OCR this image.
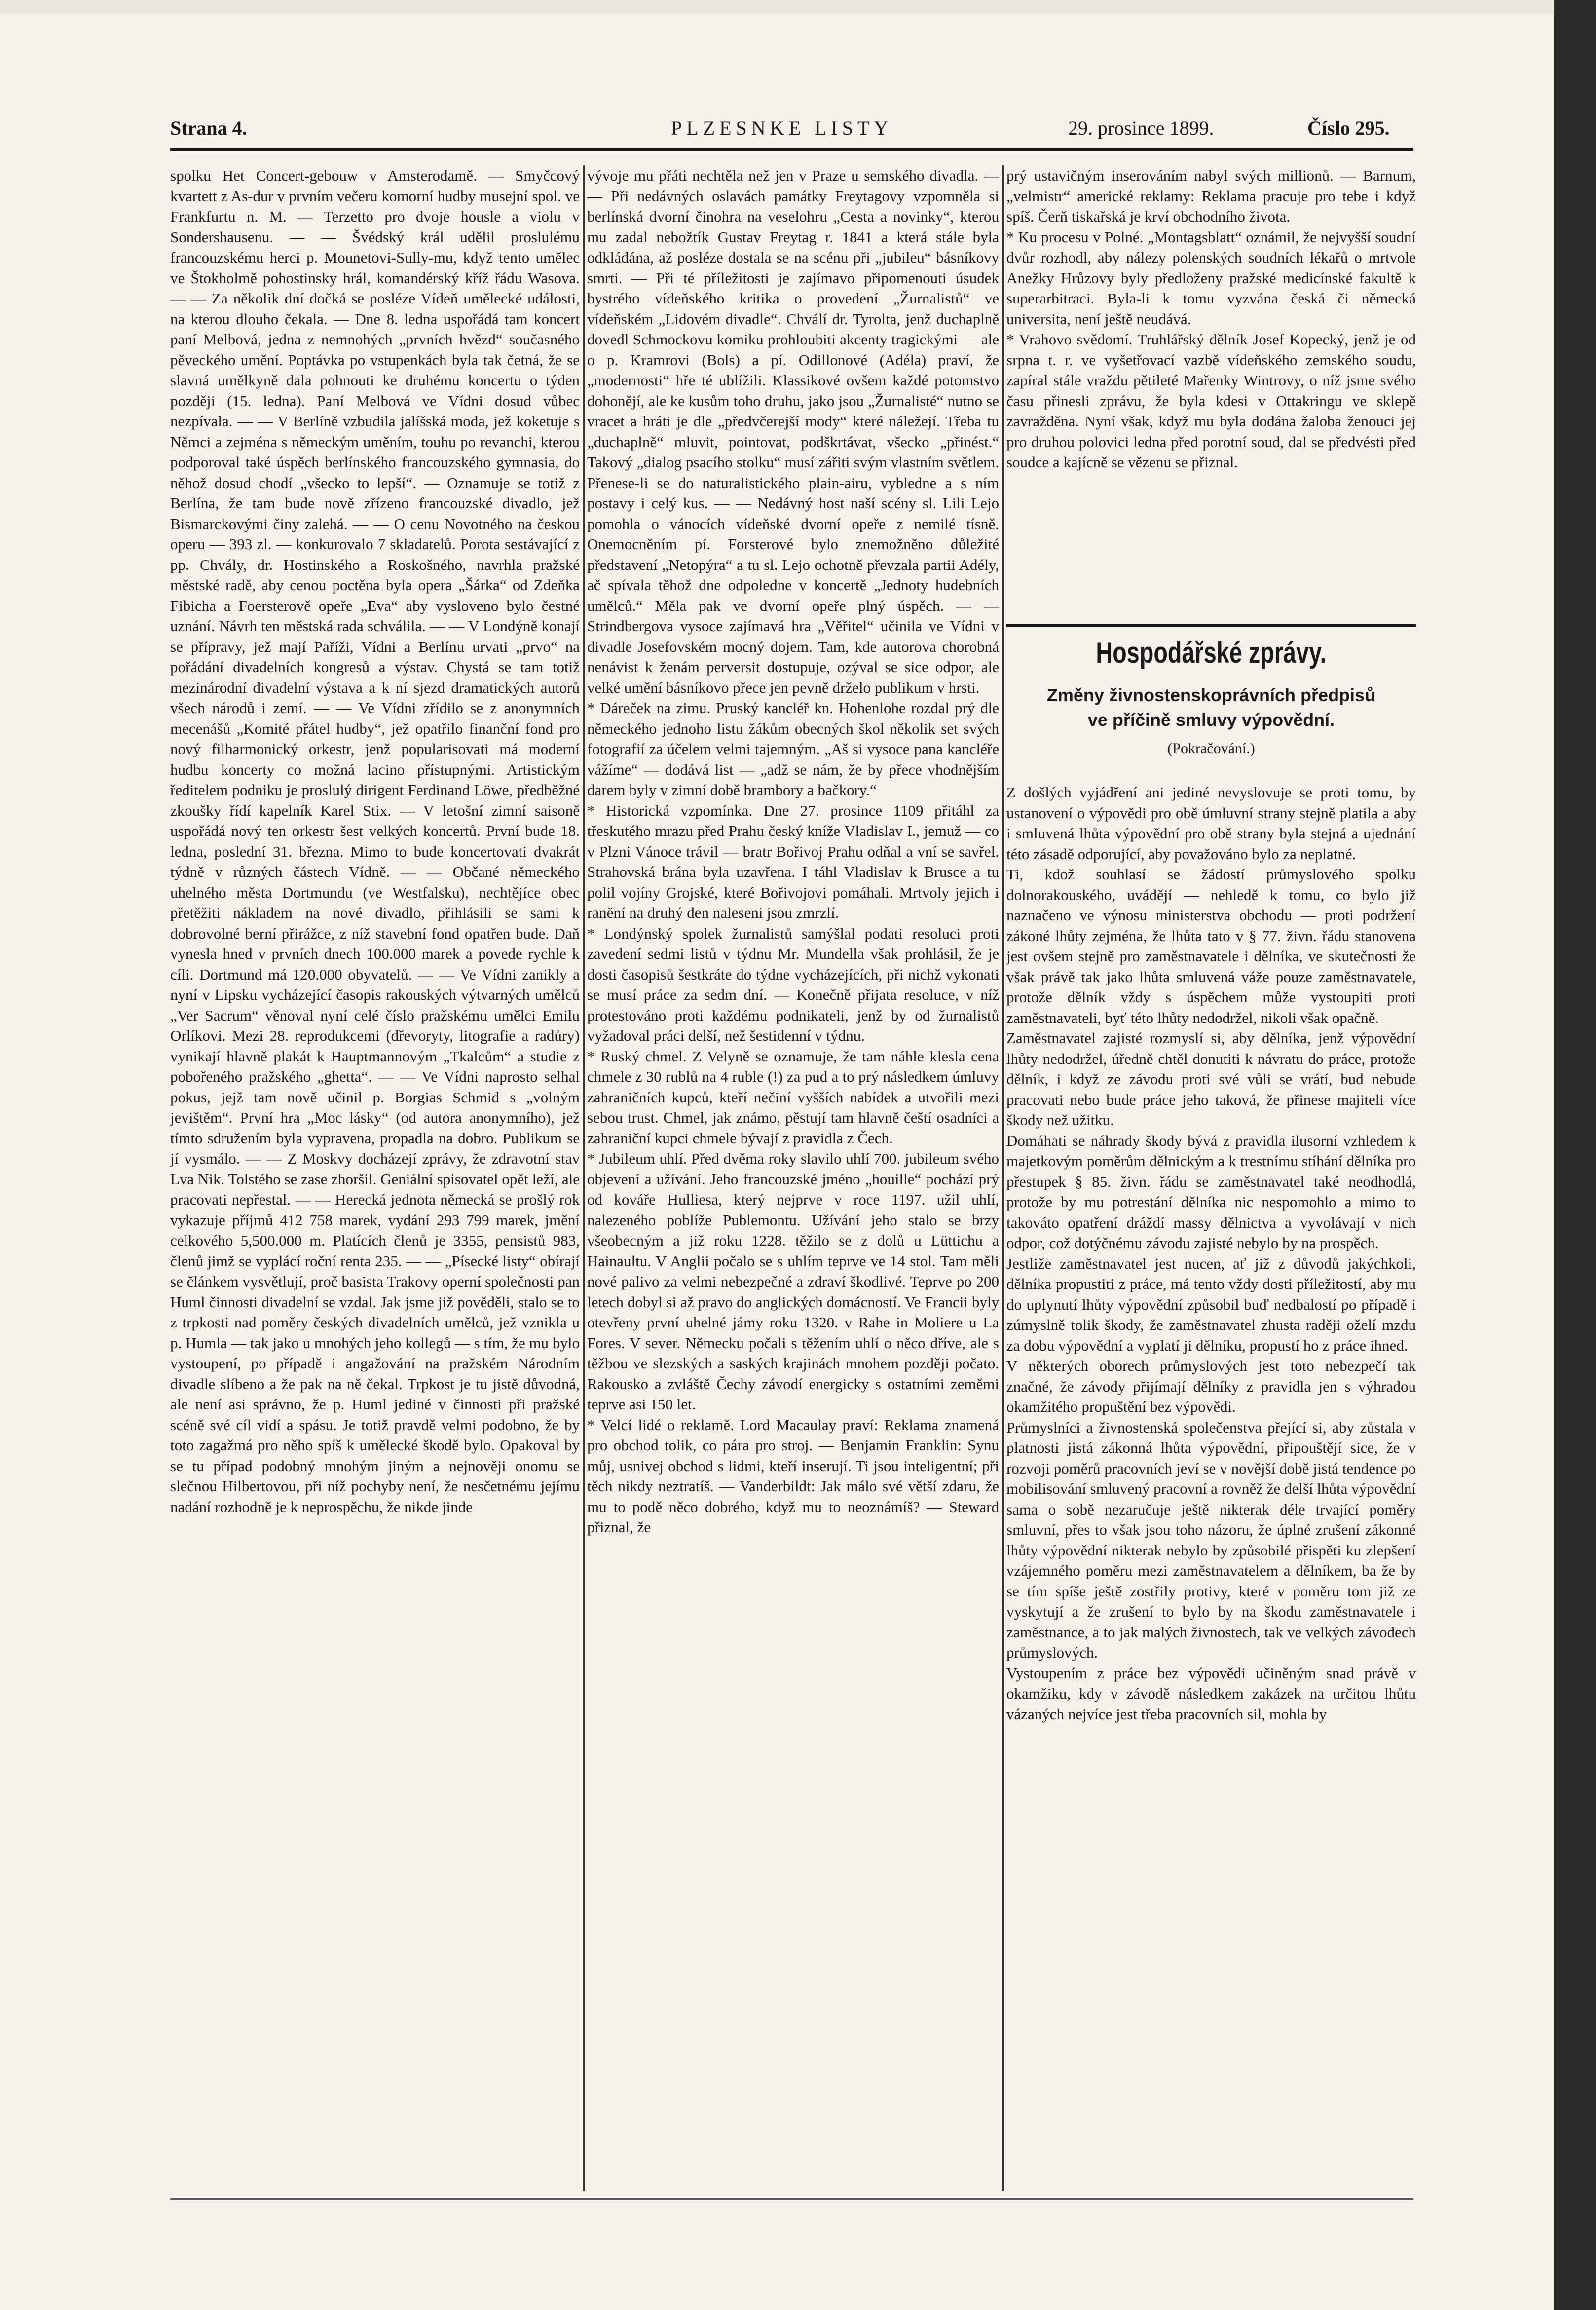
Strana 4.	PLZESNKE LISTY	29. prosince 1899.	Číslo 295.

spolku Het Concert-gebouw v Amsterodamě. — Smyčcový kvartett z As-dur v prvním večeru komorní hudby musejní spol. ve Frankfurtu n. M. — Terzetto pro dvoje housle a violu v Sondershausenu. — — Švédský král udělil proslulému francouzskému herci p. Mounetovi-Sully-mu, když tento umělec ve Štokholmě pohostinsky hrál, komandérský kříž řádu Wasova. — — Za několik dní dočká se posléze Vídeň umělecké události, na kterou dlouho čekala. — Dne 8. ledna uspořádá tam koncert paní Melbová, jedna z nemnohých „prvních hvězd“ současného pěveckého umění. Poptávka po vstupenkách byla tak četná, že se slavná umělkyně dala pohnouti ke druhému koncertu o týden později (15. ledna). Paní Melbová ve Vídni dosud vůbec nezpívala. — — V Berlíně vzbudila jalíšská moda, jež koketuje s Němci a zejména s německým uměním, touhu po revanchi, kterou podporoval také úspěch berlínského francouzského gymnasia, do něhož dosud chodí „všecko to lepší“. — Oznamuje se totiž z Berlína, že tam bude nově zřízeno francouzské divadlo, jež Bismarckovými činy zalehá. — — O cenu Novotného na českou operu — 393 zl. — konkurovalo 7 skladatelů. Porota sestávající z pp. Chvály, dr. Hostinského a Roskošného, navrhla pražské městské radě, aby cenou poctěna byla opera „Šárka“ od Zdeňka Fibicha a Foersterově opeře „Eva“ aby vysloveno bylo čestné uznání. Návrh ten městská rada schválila. — — V Londýně konají se přípravy, jež mají Paříži, Vídni a Berlínu urvati „prvo“ na pořádání divadelních kongresů a výstav. Chystá se tam totiž mezinárodní divadelní výstava a k ní sjezd dramatických autorů všech národů i zemí. — — Ve Vídni zřídilo se z anonymních mecenášů „Komité přátel hudby“, jež opatřilo finanční fond pro nový filharmonický orkestr, jenž popularisovati má moderní hudbu koncerty co možná lacino přístupnými. Artistickým ředitelem podniku je proslulý dirigent Ferdinand Löwe, předběžné zkoušky řídí kapelník Karel Stix. — V letošní zimní saisoně uspořádá nový ten orkestr šest velkých koncertů. První bude 18. ledna, poslední 31. března. Mimo to bude koncertovati dvakrát týdně v různých částech Vídně. — — Občané německého uhelného města Dortmundu (ve Westfalsku), nechtějíce obec přetěžiti nákladem na nové divadlo, přihlásili se sami k dobrovolné berní přirážce, z níž stavební fond opatřen bude. Daň vynesla hned v prvních dnech 100.000 marek a povede rychle k cíli. Dortmund má 120.000 obyvatelů. — — Ve Vídni zanikly a nyní v Lipsku vycházející časopis rakouských výtvarných umělců „Ver Sacrum“ věnoval nyní celé číslo pražskému umělci Emilu Orlíkovi. Mezi 28. reprodukcemi (dřevoryty, litografie a radůry) vynikají hlavně plakát k Hauptmannovým „Tkalcům“ a studie z pobořeného pražského „ghetta“. — — Ve Vídni naprosto selhal pokus, jejž tam nově učinil p. Borgias Schmid s „volným jevištěm“. První hra „Moc lásky“ (od autora anonymního), jež tímto sdružením byla vypravena, propadla na dobro. Publikum se jí vysmálo. — — Z Moskvy docházejí zprávy, že zdravotní stav Lva Nik. Tolstého se zase zhoršil. Geniální spisovatel opět leží, ale pracovati nepřestal. — — Herecká jednota německá se prošlý rok vykazuje příjmů 412 758 marek, vydání 293 799 marek, jmění celkového 5,500.000 m. Platících členů je 3355, pensistů 983, členů jimž se vyplácí roční renta 235. — — „Písecké listy“ obírají se článkem vysvětlují, proč basista Trakovy operní společnosti pan Huml činnosti divadelní se vzdal. Jak jsme již pověděli, stalo se to z trpkosti nad poměry českých divadelních umělců, jež vznikla u p. Humla — tak jako u mnohých jeho kollegů — s tím, že mu bylo vystoupení, po případě i angažování na pražském Národním divadle slíbeno a že pak na ně čekal. Trpkost je tu jistě důvodná, ale není asi správno, že p. Huml jediné v činnosti při pražské scéně své cíl vidí a spásu. Je totiž pravdě velmi podobno, že by toto zagažmá pro něho spíš k umělecké škodě bylo. Opakoval by se tu případ podobný mnohým jiným a nejnověji onomu se slečnou Hilbertovou, při níž pochyby není, že nesčetnému jejímu nadání rozhodně je k neprospěchu, že nikde jinde

vývoje mu přáti nechtěla než jen v Praze u semského divadla. — — Při nedávných oslavách památky Freytagovy vzpomněla si berlínská dvorní činohra na veselohru „Cesta a novinky“, kterou mu zadal nebožtík Gustav Freytag r. 1841 a která stále byla odkládána, až posléze dostala se na scénu při „jubileu“ básníkovy smrti. — Při té příležitosti je zajímavo připomenouti úsudek bystrého vídeňského kritika o provedení „Žurnalistů“ ve vídeňském „Lidovém divadle“. Chválí dr. Tyrolta, jenž duchaplně dovedl Schmockovu komiku prohloubiti akcenty tragickými — ale o p. Kramrovi (Bols) a pí. Odillonové (Adéla) praví, že „modernosti“ hře té ublížili. Klassikové ovšem každé potomstvo dohonějí, ale ke kusům toho druhu, jako jsou „Žurnalisté“ nutno se vracet a hráti je dle „předvčerejší mody“ které náležejí. Třeba tu „duchaplně“ mluvit, pointovat, podškrtávat, všecko „přinést.“ Takový „dialog psacího stolku“ musí zářiti svým vlastním světlem. Přenese-li se do naturalistického plain-airu, vybledne a s ním postavy i celý kus. — — Nedávný host naší scény sl. Lili Lejo pomohla o vánocích vídeňské dvorní opeře z nemilé tísně. Onemocněním pí. Forsterové bylo znemožněno důležité představení „Netopýra“ a tu sl. Lejo ochotně převzala partii Adély, ač spívala těhož dne odpoledne v koncertě „Jednoty hudebních umělců.“ Měla pak ve dvorní opeře plný úspěch. — — Strindbergova vysoce zajímavá hra „Věřitel“ učinila ve Vídni v divadle Josefovském mocný dojem. Tam, kde autorova chorobná nenávist k ženám perversit dostupuje, ozýval se sice odpor, ale velké umění básníkovo přece jen pevně drželo publikum v hrsti.
* Dáreček na zimu. Pruský kancléř kn. Hohenlohe rozdal prý dle německého jednoho listu žákům obecných škol několik set svých fotografií za účelem velmi tajemným. „Aš si vysoce pana kancléře vážíme“ — dodává list — „adž se nám, že by přece vhodnějším darem byly v zimní době brambory a bačkory.“
* Historická vzpomínka. Dne 27. prosince 1109 přitáhl za třeskutého mrazu před Prahu český kníže Vladislav I., jemuž — co v Plzni Vánoce trávil — bratr Bořivoj Prahu odňal a vní se savřel. Strahovská brána byla uzavřena. I táhl Vladislav k Brusce a tu polil vojíny Grojské, které Bořivojovi pomáhali. Mrtvoly jejich i ranění na druhý den naleseni jsou zmrzlí.
* Londýnský spolek žurnalistů samýšlal podati resoluci proti zavedení sedmi listů v týdnu Mr. Mundella však prohlásil, že je dosti časopisů šestkráte do týdne vycházejících, při nichž vykonati se musí práce za sedm dní. — Konečně přijata resoluce, v níž protestováno proti každému podnikateli, jenž by od žurnalistů vyžadoval práci delší, než šestidenní v týdnu.
* Ruský chmel. Z Velyně se oznamuje, že tam náhle klesla cena chmele z 30 rublů na 4 ruble (!) za pud a to prý následkem úmluvy zahraničních kupců, kteří nečiní vyšších nabídek a utvořili mezi sebou trust. Chmel, jak známo, pěstují tam hlavně čeští osadníci a zahraniční kupci chmele bývají z pravidla z Čech.
* Jubileum uhlí. Před dvěma roky slavilo uhlí 700. jubileum svého objevení a užívání. Jeho francouzské jméno „houille“ pochází prý od kováře Hulliesa, který nejprve v roce 1197. užil uhlí, nalezeného poblíže Publemontu. Užívání jeho stalo se brzy všeobecným a již roku 1228. těžilo se z dolů u Lüttichu a Hainaultu. V Anglii počalo se s uhlím teprve ve 14 stol. Tam měli nové palivo za velmi nebezpečné a zdraví škodlivé. Teprve po 200 letech dobyl si až pravo do anglických domácností. Ve Francii byly otevřeny první uhelné jámy roku 1320. v Rahe in Moliere u La Fores. V sever. Německu počali s těžením uhlí o něco dříve, ale s těžbou ve slezských a saských krajinách mnohem později počato. Rakousko a zvláště Čechy závodí energicky s ostatními zeměmi teprve asi 150 let.
* Velcí lidé o reklamě. Lord Macaulay praví: Reklama znamená pro obchod tolik, co pára pro stroj. — Benjamin Franklin: Synu můj, usnivej obchod s lidmi, kteří inserují. Ti jsou inteligentní; při těch nikdy neztratíš. — Vanderbildt: Jak málo své větší zdaru, že mu to podě něco dobrého, když mu to neoznámíš? — Steward přiznal, že
prý ustavičným inserováním nabyl svých millionů. — Barnum, „velmistr“ americké reklamy: Reklama pracuje pro tebe i když spíš. Čerň tiskařská je krví obchodního života.
* Ku procesu v Polné. „Montagsblatt“ oznámil, že nejvyšší soudní dvůr rozhodl, aby nálezy polenských soudních lékařů o mrtvole Anežky Hrůzovy byly předloženy pražské medicínské fakultě k superarbitraci. Byla-li k tomu vyzvána česká či německá universita, není ještě neudává.
* Vrahovo svědomí. Truhlářský dělník Josef Kopecký, jenž je od srpna t. r. ve vyšetřovací vazbě vídeňského zemského soudu, zapíral stále vraždu pětileté Mařenky Wintrovy, o níž jsme svého času přinesli zprávu, že byla kdesi v Ottakringu ve sklepě zavražděna. Nyní však, když mu byla dodána žaloba ženouci jej pro druhou polovici ledna před porotní soud, dal se předvésti před soudce a kajícně se vězenu se přiznal.
Hospodářské zprávy.
Změny živnostenskoprávních předpisů
ve příčině smluvy výpovědní.
(Pokračování.)
Z došlých vyjádření ani jediné nevyslovuje se proti tomu, by ustanovení o výpovědi pro obě úmluvní strany stejně platila a aby i smluvená lhůta výpovědní pro obě strany byla stejná a ujednání této zásadě odporující, aby považováno bylo za neplatné.
Ti, kdož souhlasí se žádostí průmyslového spolku dolnorakouského, uvádějí — nehledě k tomu, co bylo již naznačeno ve výnosu ministerstva obchodu — proti podržení zákoné lhůty zejména, že lhůta tato v § 77. živn. řádu stanovena jest ovšem stejně pro zaměstnavatele i dělníka, ve skutečnosti že však právě tak jako lhůta smluvená váže pouze zaměstnavatele, protože dělník vždy s úspěchem může vystoupiti proti zaměstnavateli, byť této lhůty nedodržel, nikoli však opačně.
Zaměstnavatel zajisté rozmyslí si, aby dělníka, jenž výpovědní lhůty nedodržel, úředně chtěl donutiti k návratu do práce, protože dělník, i když ze závodu proti své vůli se vrátí, bud nebude pracovati nebo bude práce jeho taková, že přinese majiteli více škody než užitku.
Domáhati se náhrady škody bývá z pravidla ilusorní vzhledem k majetkovým poměrům dělnickým a k trestnímu stíhání dělníka pro přestupek § 85. živn. řádu se zaměstnavatel také neodhodlá, protože by mu potrestání dělníka nic nespomohlo a mimo to takováto opatření dráždí massy dělnictva a vyvolávají v nich odpor, což dotýčnému závodu zajisté nebylo by na prospěch.
Jestliže zaměstnavatel jest nucen, ať již z důvodů jakýchkoli, dělníka propustiti z práce, má tento vždy dosti příležitostí, aby mu do uplynutí lhůty výpovědní způsobil buď nedbalostí po případě i zúmyslně tolik škody, že zaměstnavatel zhusta raději oželí mzdu za dobu výpovědní a vyplatí ji dělníku, propustí ho z práce ihned.
V některých oborech průmyslových jest toto nebezpečí tak značné, že závody přijímají dělníky z pravidla jen s výhradou okamžitého propuštění bez výpovědi.
Průmyslníci a živnostenská společenstva přející si, aby zůstala v platnosti jistá zákonná lhůta výpovědní, připouštějí sice, že v rozvoji poměrů pracovních jeví se v novější době jistá tendence po mobilisování smluvený pracovní a rovněž že delší lhůta výpovědní sama o sobě nezaručuje ještě nikterak déle trvající poměry smluvní, přes to však jsou toho názoru, že úplné zrušení zákonné lhůty výpovědní nikterak nebylo by způsobilé přispěti ku zlepšení vzájemného poměru mezi zaměstnavatelem a dělníkem, ba že by se tím spíše ještě zostřily protivy, které v poměru tom již ze vyskytují a že zrušení to bylo by na škodu zaměstnavatele i zaměstnance, a to jak malých živnostech, tak ve velkých závodech průmyslových.
Vystoupením z práce bez výpovědi učiněným snad právě v okamžiku, kdy v závodě následkem zakázek na určitou lhůtu vázaných nejvíce jest třeba pracovních sil, mohla by
